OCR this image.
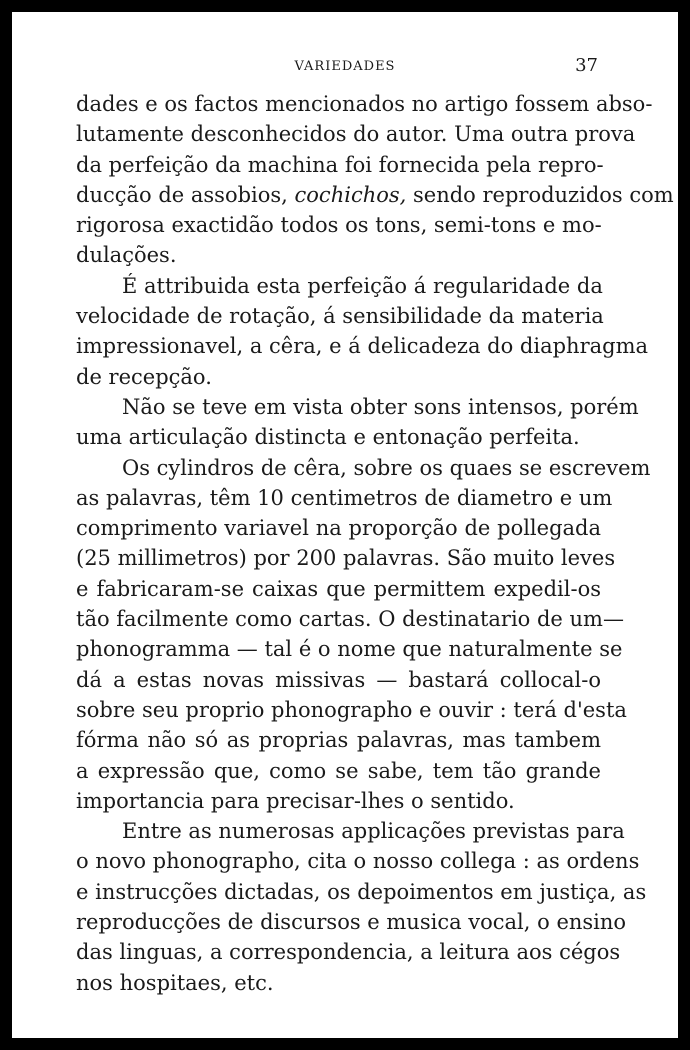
VARIEDADES	37
dades e os factos mencionados no artigo fossem abso-
lutamente desconhecidos do autor. Uma outra prova
da perfeição da machina foi fornecida pela repro-
ducção de assobios, cochichos, sendo reproduzidos com
rigorosa exactidão todos os tons, semi-tons e mo-
dulações.
É attribuida esta perfeição á regularidade da
velocidade de rotação, á sensibilidade da materia
impressionavel, a cêra, e á delicadeza do diaphragma
de recepção.
Não se teve em vista obter sons intensos, porém
uma articulação distincta e entonação perfeita.
Os cylindros de cêra, sobre os quaes se escrevem
as palavras, têm 10 centimetros de diametro e um
comprimento variavel na proporção de pollegada
(25 millimetros) por 200 palavras. São muito leves
e fabricaram-se caixas que permittem expedil-os
tão facilmente como cartas. O destinatario de um—
phonogramma — tal é o nome que naturalmente se
dá a estas novas missivas — bastará collocal-o
sobre seu proprio phonographo e ouvir : terá d'esta
fórma não só as proprias palavras, mas tambem
a expressão que, como se sabe, tem tão grande
importancia para precisar-lhes o sentido.
Entre as numerosas applicações previstas para
o novo phonographo, cita o nosso collega : as ordens
e instrucções dictadas, os depoimentos em justiça, as
reproducções de discursos e musica vocal, o ensino
das linguas, a correspondencia, a leitura aos cégos
nos hospitaes, etc.
